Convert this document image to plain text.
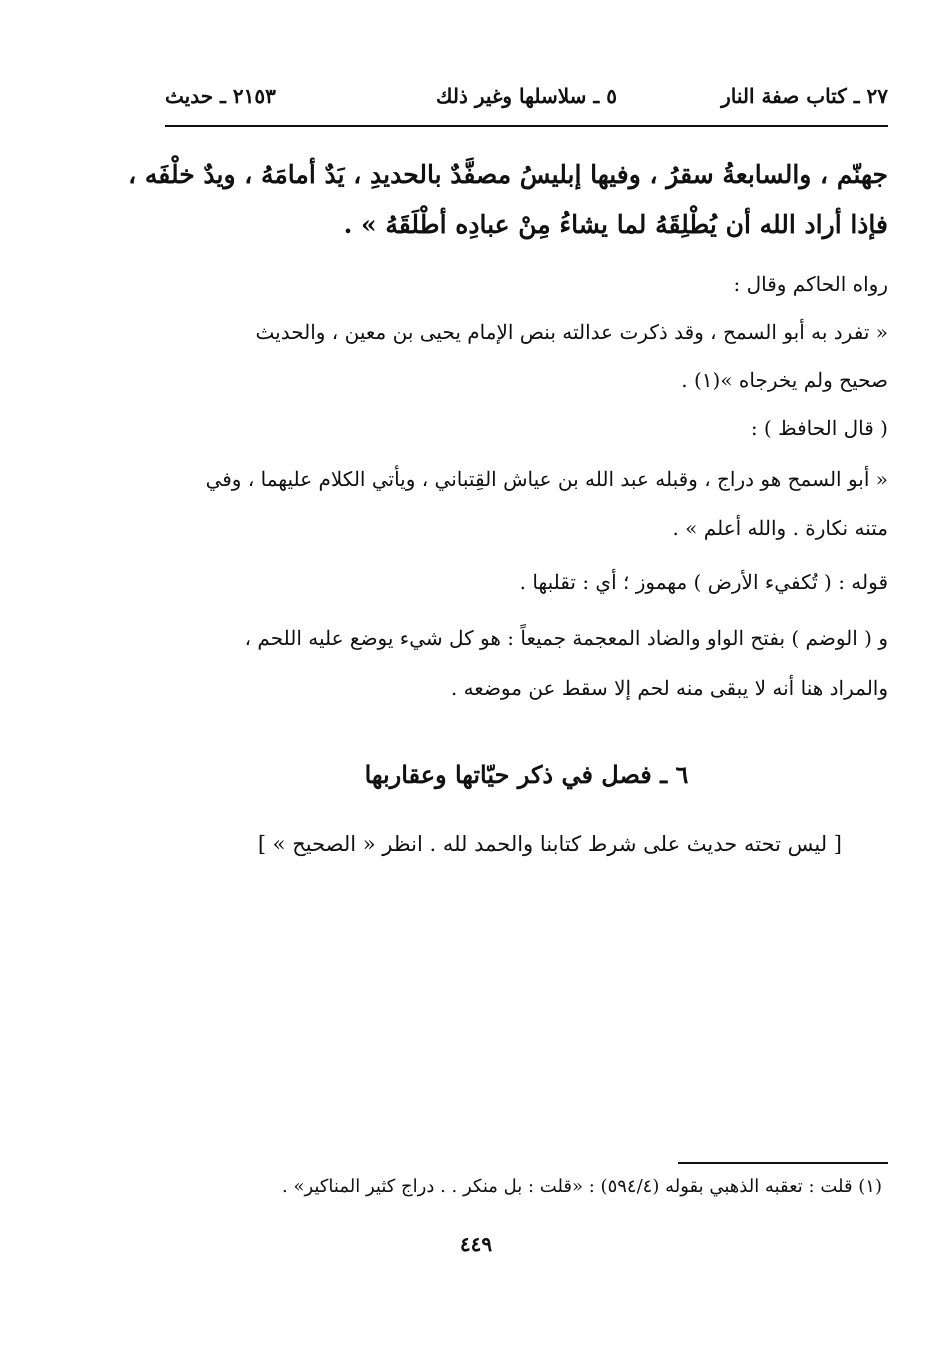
٢٧ ـ كتاب صفة النار
٥ ـ سلاسلها وغير ذلك
٢١٥٣ ـ حديث
جهنّم ، والسابعةُ سقرُ ، وفيها إبليسُ مصفَّدٌ بالحديدِ ، يَدٌ أمامَهُ ، ويدٌ خلْفَه ،
فإذا أراد الله أن يُطْلِقَهُ لما يشاءُ مِنْ عبادِه أطْلَقَهُ » .
رواه الحاكم وقال :
« تفرد به أبو السمح ، وقد ذكرت عدالته بنص الإمام يحيى بن معين ، والحديث
صحيح ولم يخرجاه »(١) .
( قال الحافظ ) :
« أبو السمح هو دراج ، وقبله عبد الله بن عياش القِتباني ، ويأتي الكلام عليهما ، وفي
متنه نكارة . والله أعلم » .
قوله : ( تُكفيء الأرض ) مهموز ؛ أي : تقلبها .
و ( الوضم ) بفتح الواو والضاد المعجمة جميعاً : هو كل شيء يوضع عليه اللحم ،
والمراد هنا أنه لا يبقى منه لحم إلا سقط عن موضعه .
٦ ـ فصل في ذكر حيّاتها وعقاربها
[ ليس تحته حديث على شرط كتابنا والحمد لله . انظر « الصحيح » ]
(١) قلت : تعقبه الذهبي بقوله (٥٩٤/٤) : «قلت : بل منكر . . دراج كثير المناكير» .
٤٤٩
